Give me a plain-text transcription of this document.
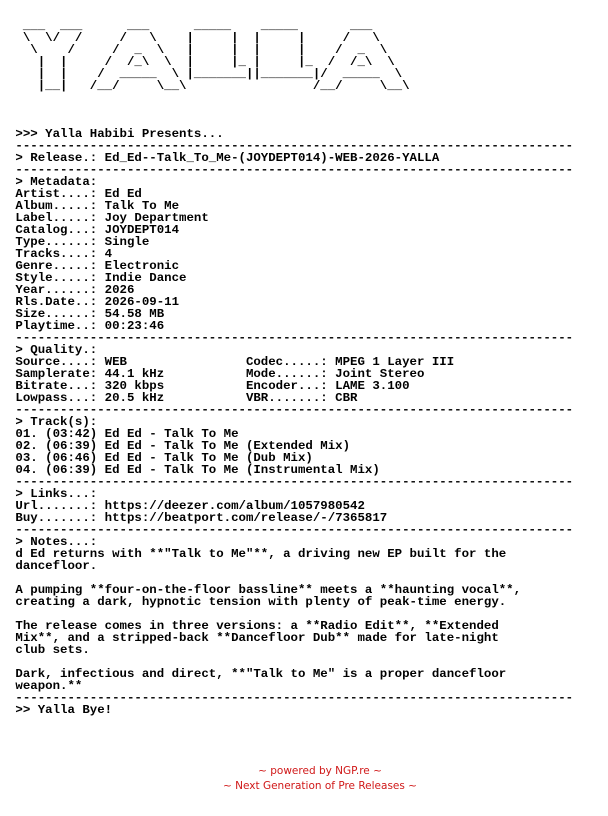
___  ___      ___      _____    _____       ___
\  \/  /     /   \    |     |  |     |     /   \
\    /     /  _  \   |     |  |     |    /  _  \
|  |     /  /_\  \  |     |_ |     |_  /  /_\  \
|  |    /  _____  \ |_______||_______|/  _____  \
|__|   /__/     \__\                 /__/     \__\

>>> Yalla Habibi Presents...
---------------------------------------------------------------------------
> Release.: Ed_Ed--Talk_To_Me-(JOYDEPT014)-WEB-2026-YALLA
---------------------------------------------------------------------------
> Metadata:
Artist....: Ed Ed
Album.....: Talk To Me
Label.....: Joy Department
Catalog...: JOYDEPT014
Type......: Single
Tracks....: 4
Genre.....: Electronic
Style.....: Indie Dance
Year......: 2026
Rls.Date..: 2026-09-11
Size......: 54.58 MB
Playtime..: 00:23:46
---------------------------------------------------------------------------
> Quality.:
Source....: WEB                Codec.....: MPEG 1 Layer III
Samplerate: 44.1 kHz           Mode......: Joint Stereo
Bitrate...: 320 kbps           Encoder...: LAME 3.100
Lowpass...: 20.5 kHz           VBR.......: CBR
---------------------------------------------------------------------------
> Track(s):
01. (03:42) Ed Ed - Talk To Me
02. (06:39) Ed Ed - Talk To Me (Extended Mix)
03. (06:46) Ed Ed - Talk To Me (Dub Mix)
04. (06:39) Ed Ed - Talk To Me (Instrumental Mix)
---------------------------------------------------------------------------
> Links...:
Url.......: https://deezer.com/album/1057980542
Buy.......: https://beatport.com/release/-/7365817
---------------------------------------------------------------------------
> Notes...:
d Ed returns with **"Talk to Me"**, a driving new EP built for the
dancefloor.

A pumping **four-on-the-floor bassline** meets a **haunting vocal**,
creating a dark, hypnotic tension with plenty of peak-time energy.

The release comes in three versions: a **Radio Edit**, **Extended
Mix**, and a stripped-back **Dancefloor Dub** made for late-night
club sets.

Dark, infectious and direct, **"Talk to Me" is a proper dancefloor
weapon.**
---------------------------------------------------------------------------
>> Yalla Bye!
~ powered by NGP.re ~
~ Next Generation of Pre Releases ~
